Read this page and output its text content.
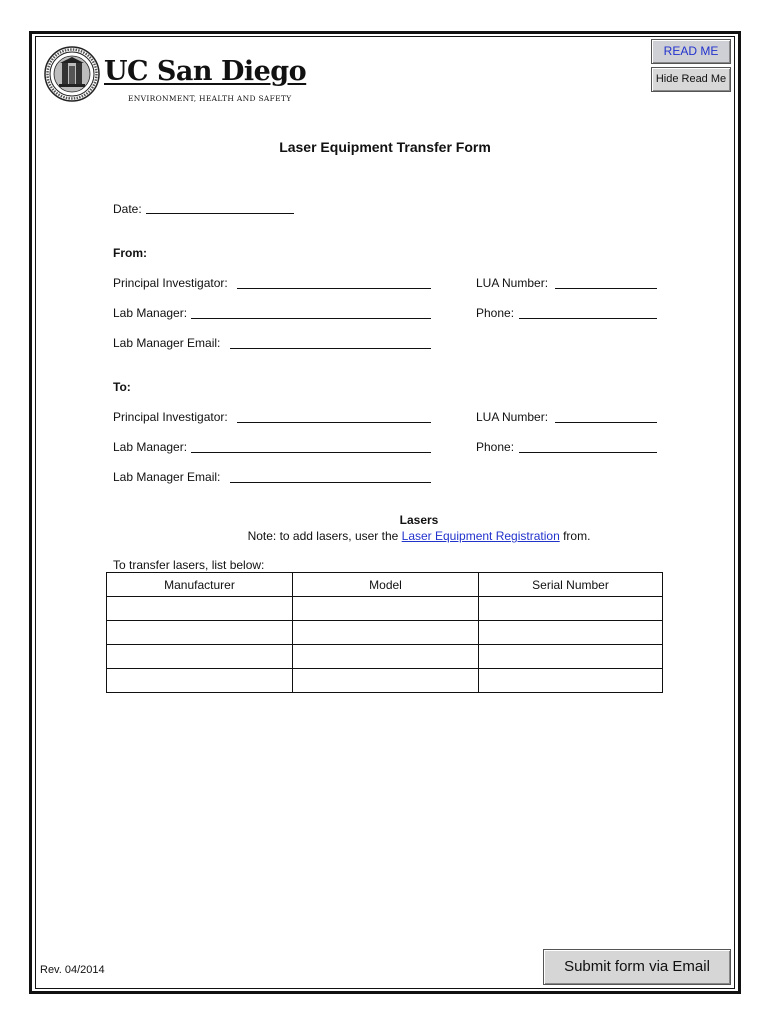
UC San Diego
ENVIRONMENT, HEALTH AND SAFETY
READ ME
Hide Read Me
Laser Equipment Transfer Form
Date:
From:
Principal Investigator:	LUA Number:
Lab Manager:	Phone:
Lab Manager Email:
To:
Principal Investigator:	LUA Number:
Lab Manager:	Phone:
Lab Manager Email:
Lasers
Note: to add lasers, user the Laser Equipment Registration from.
To transfer lasers, list below:
Manufacturer	Model	Serial Number

Rev. 04/2014	Submit form via Email
